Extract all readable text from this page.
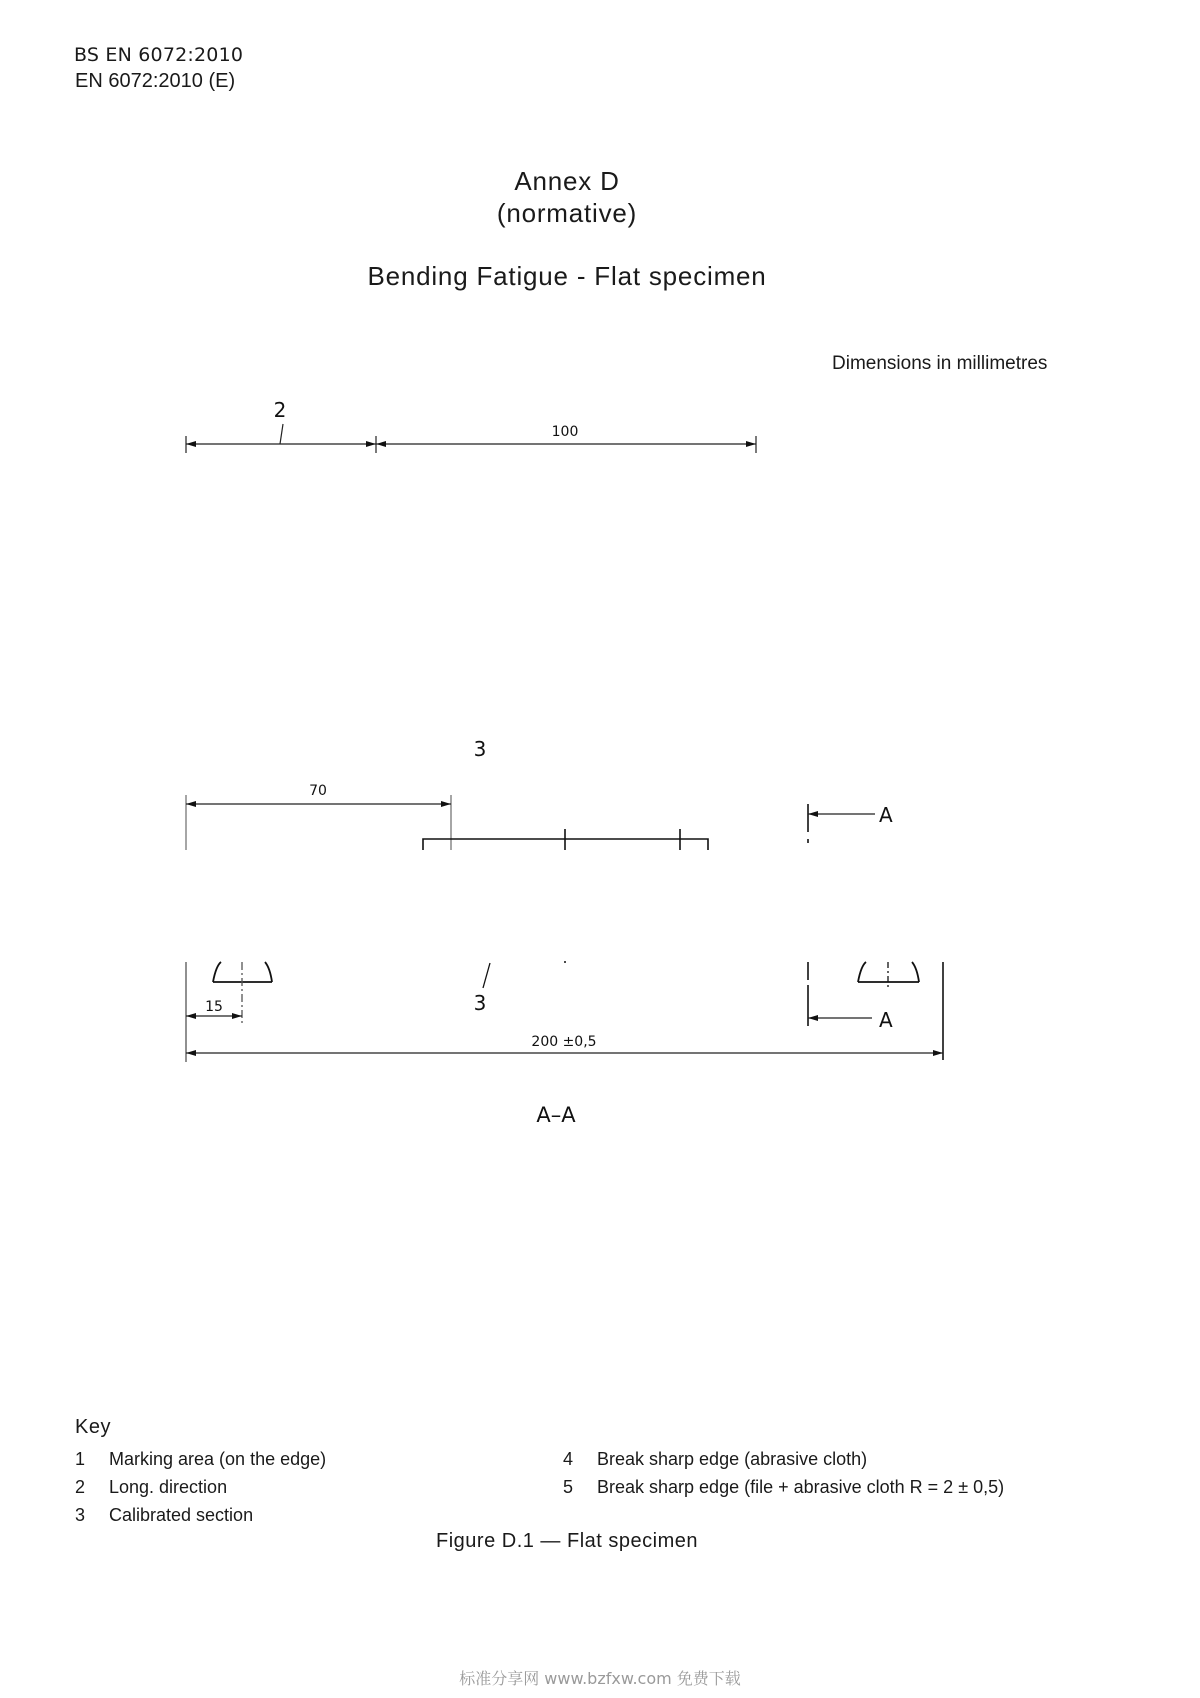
BS EN 6072:2010
EN 6072:2010 (E)
Annex D
(normative)
Bending Fatigue - Flat specimen
Dimensions in millimetres
2
100
3
A
70
15	3
A
200 ±0,5
A–A
Key
1 Marking area (on the edge)
2 Long. direction
3 Calibrated section
4 Break sharp edge (abrasive cloth)
5 Break sharp edge (file + abrasive cloth R = 2 ± 0,5)
Figure D.1 — Flat specimen
标准分享网 www.bzfxw.com 免费下载
